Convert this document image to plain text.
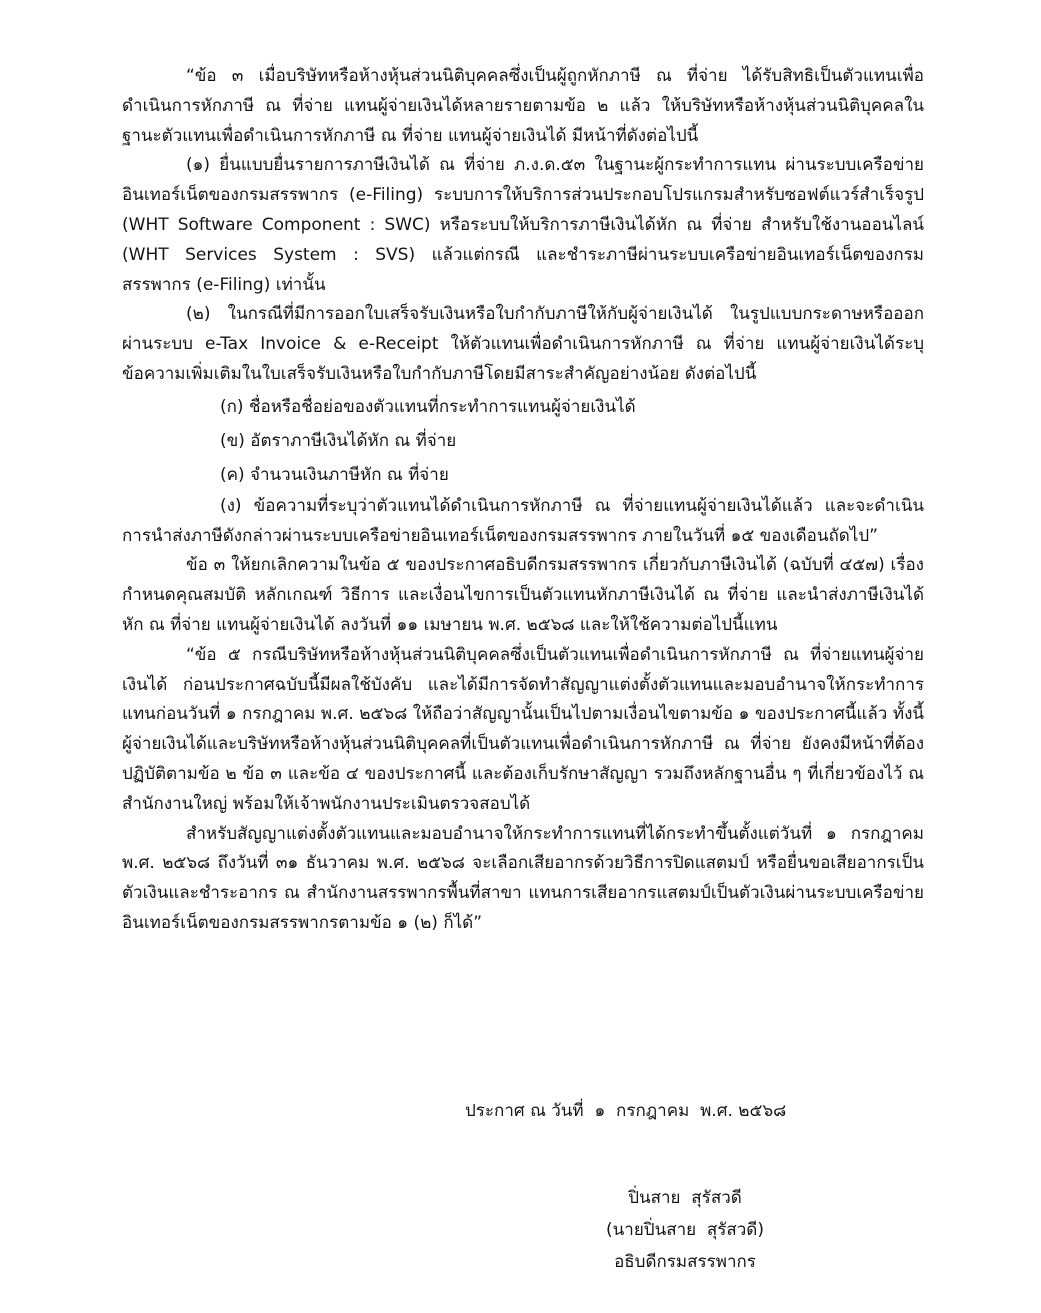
“ข้อ ๓ เมื่อบริษัทหรือห้างหุ้นส่วนนิติบุคคลซึ่งเป็นผู้ถูกหักภาษี ณ ที่จ่าย ได้รับสิทธิเป็นตัวแทนเพื่อดำเนินการหักภาษี ณ ที่จ่าย แทนผู้จ่ายเงินได้หลายรายตามข้อ ๒ แล้ว ให้บริษัทหรือห้างหุ้นส่วนนิติบุคคลในฐานะตัวแทนเพื่อดำเนินการหักภาษี ณ ที่จ่าย แทนผู้จ่ายเงินได้ มีหน้าที่ดังต่อไปนี้

(๑) ยื่นแบบยื่นรายการภาษีเงินได้ ณ ที่จ่าย ภ.ง.ด.๕๓ ในฐานะผู้กระทำการแทน ผ่านระบบเครือข่ายอินเทอร์เน็ตของกรมสรรพากร (e-Filing) ระบบการให้บริการส่วนประกอบโปรแกรมสำหรับซอฟต์แวร์สำเร็จรูป (WHT Software Component : SWC) หรือระบบให้บริการภาษีเงินได้หัก ณ ที่จ่าย สำหรับใช้งานออนไลน์ (WHT Services System : SVS) แล้วแต่กรณี และชำระภาษีผ่านระบบเครือข่ายอินเทอร์เน็ตของกรมสรรพากร (e-Filing) เท่านั้น

(๒) ในกรณีที่มีการออกใบเสร็จรับเงินหรือใบกำกับภาษีให้กับผู้จ่ายเงินได้ ในรูปแบบกระดาษหรือออกผ่านระบบ e-Tax Invoice & e-Receipt ให้ตัวแทนเพื่อดำเนินการหักภาษี ณ ที่จ่าย แทนผู้จ่ายเงินได้ระบุข้อความเพิ่มเติมในใบเสร็จรับเงินหรือใบกำกับภาษีโดยมีสาระสำคัญอย่างน้อย ดังต่อไปนี้

(ก) ชื่อหรือชื่อย่อของตัวแทนที่กระทำการแทนผู้จ่ายเงินได้

(ข) อัตราภาษีเงินได้หัก ณ ที่จ่าย

(ค) จำนวนเงินภาษีหัก ณ ที่จ่าย

(ง) ข้อความที่ระบุว่าตัวแทนได้ดำเนินการหักภาษี ณ ที่จ่ายแทนผู้จ่ายเงินได้แล้ว และจะดำเนินการนำส่งภาษีดังกล่าวผ่านระบบเครือข่ายอินเทอร์เน็ตของกรมสรรพากร ภายในวันที่ ๑๕ ของเดือนถัดไป”

ข้อ ๓ ให้ยกเลิกความในข้อ ๕ ของประกาศอธิบดีกรมสรรพากร เกี่ยวกับภาษีเงินได้ (ฉบับที่ ๔๕๗) เรื่อง กำหนดคุณสมบัติ หลักเกณฑ์ วิธีการ และเงื่อนไขการเป็นตัวแทนหักภาษีเงินได้ ณ ที่จ่าย และนำส่งภาษีเงินได้หัก ณ ที่จ่าย แทนผู้จ่ายเงินได้ ลงวันที่ ๑๑ เมษายน พ.ศ. ๒๕๖๘ และให้ใช้ความต่อไปนี้แทน

“ข้อ ๕ กรณีบริษัทหรือห้างหุ้นส่วนนิติบุคคลซึ่งเป็นตัวแทนเพื่อดำเนินการหักภาษี ณ ที่จ่ายแทนผู้จ่ายเงินได้ ก่อนประกาศฉบับนี้มีผลใช้บังคับ และได้มีการจัดทำสัญญาแต่งตั้งตัวแทนและมอบอำนาจให้กระทำการแทนก่อนวันที่ ๑ กรกฎาคม พ.ศ. ๒๕๖๘ ให้ถือว่าสัญญานั้นเป็นไปตามเงื่อนไขตามข้อ ๑ ของประกาศนี้แล้ว ทั้งนี้ ผู้จ่ายเงินได้และบริษัทหรือห้างหุ้นส่วนนิติบุคคลที่เป็นตัวแทนเพื่อดำเนินการหักภาษี ณ ที่จ่าย ยังคงมีหน้าที่ต้องปฏิบัติตามข้อ ๒ ข้อ ๓ และข้อ ๔ ของประกาศนี้ และต้องเก็บรักษาสัญญา รวมถึงหลักฐานอื่น ๆ ที่เกี่ยวข้องไว้ ณ สำนักงานใหญ่ พร้อมให้เจ้าพนักงานประเมินตรวจสอบได้

สำหรับสัญญาแต่งตั้งตัวแทนและมอบอำนาจให้กระทำการแทนที่ได้กระทำขึ้นตั้งแต่วันที่ ๑ กรกฎาคม พ.ศ. ๒๕๖๘ ถึงวันที่ ๓๑ ธันวาคม พ.ศ. ๒๕๖๘ จะเลือกเสียอากรด้วยวิธีการปิดแสตมป์ หรือยื่นขอเสียอากรเป็นตัวเงินและชำระอากร ณ สำนักงานสรรพากรพื้นที่สาขา แทนการเสียอากรแสตมป์เป็นตัวเงินผ่านระบบเครือข่ายอินเทอร์เน็ตของกรมสรรพากรตามข้อ ๑ (๒) ก็ได้”

ประกาศ ณ วันที่  ๑  กรกฎาคม  พ.ศ. ๒๕๖๘
ปิ่นสาย  สุรัสวดี
(นายปิ่นสาย  สุรัสวดี)
อธิบดีกรมสรรพากร
